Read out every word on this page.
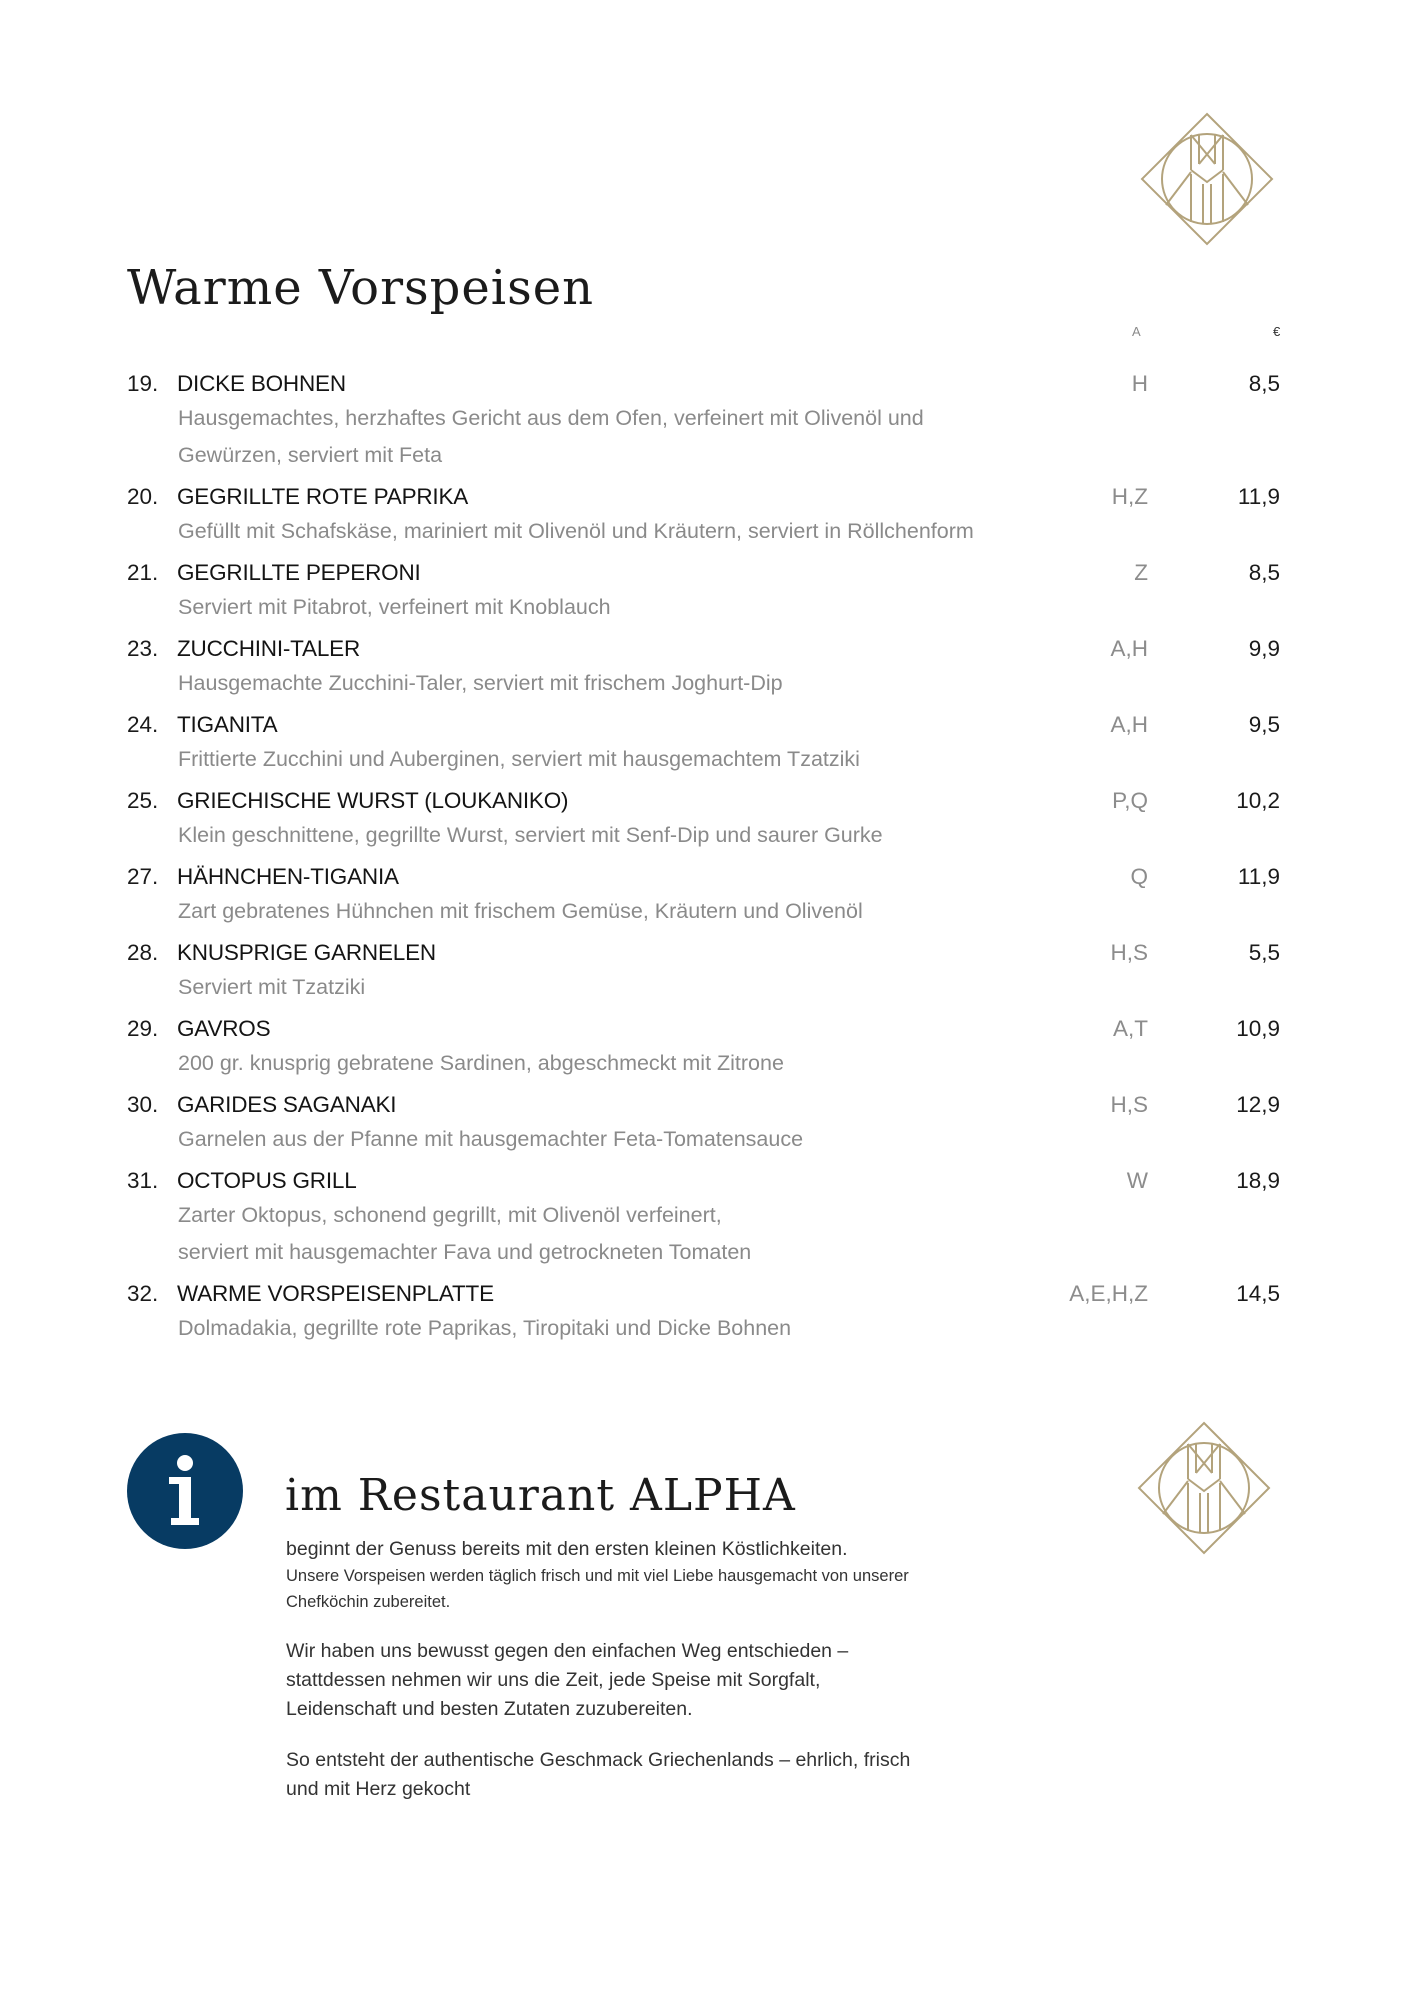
Warme Vorspeisen
A	€
19. DICKE BOHNEN	H	8,5
Hausgemachtes, herzhaftes Gericht aus dem Ofen, verfeinert mit Olivenöl und
Gewürzen, serviert mit Feta
20. GEGRILLTE ROTE PAPRIKA	H,Z	11,9
Gefüllt mit Schafskäse, mariniert mit Olivenöl und Kräutern, serviert in Röllchenform
21. GEGRILLTE PEPERONI	Z	8,5
Serviert mit Pitabrot, verfeinert mit Knoblauch
23. ZUCCHINI-TALER	A,H	9,9
Hausgemachte Zucchini-Taler, serviert mit frischem Joghurt-Dip
24. TIGANITA	A,H	9,5
Frittierte Zucchini und Auberginen, serviert mit hausgemachtem Tzatziki
25. GRIECHISCHE WURST (LOUKANIKO)	P,Q	10,2
Klein geschnittene, gegrillte Wurst, serviert mit Senf-Dip und saurer Gurke
27. HÄHNCHEN-TIGANIA	Q	11,9
Zart gebratenes Hühnchen mit frischem Gemüse, Kräutern und Olivenöl
28. KNUSPRIGE GARNELEN	H,S	5,5
Serviert mit Tzatziki
29. GAVROS	A,T	10,9
200 gr. knusprig gebratene Sardinen, abgeschmeckt mit Zitrone
30. GARIDES SAGANAKI	H,S	12,9
Garnelen aus der Pfanne mit hausgemachter Feta-Tomatensauce
31. OCTOPUS GRILL	W	18,9
Zarter Oktopus, schonend gegrillt, mit Olivenöl verfeinert,
serviert mit hausgemachter Fava und getrockneten Tomaten
32. WARME VORSPEISENPLATTE	A,E,H,Z	14,5
Dolmadakia, gegrillte rote Paprikas, Tiropitaki und Dicke Bohnen
im Restaurant ALPHA
beginnt der Genuss bereits mit den ersten kleinen Köstlichkeiten.
Unsere Vorspeisen werden täglich frisch und mit viel Liebe hausgemacht von unserer
Chefköchin zubereitet.
Wir haben uns bewusst gegen den einfachen Weg entschieden –
stattdessen nehmen wir uns die Zeit, jede Speise mit Sorgfalt,
Leidenschaft und besten Zutaten zuzubereiten.
So entsteht der authentische Geschmack Griechenlands – ehrlich, frisch
und mit Herz gekocht
